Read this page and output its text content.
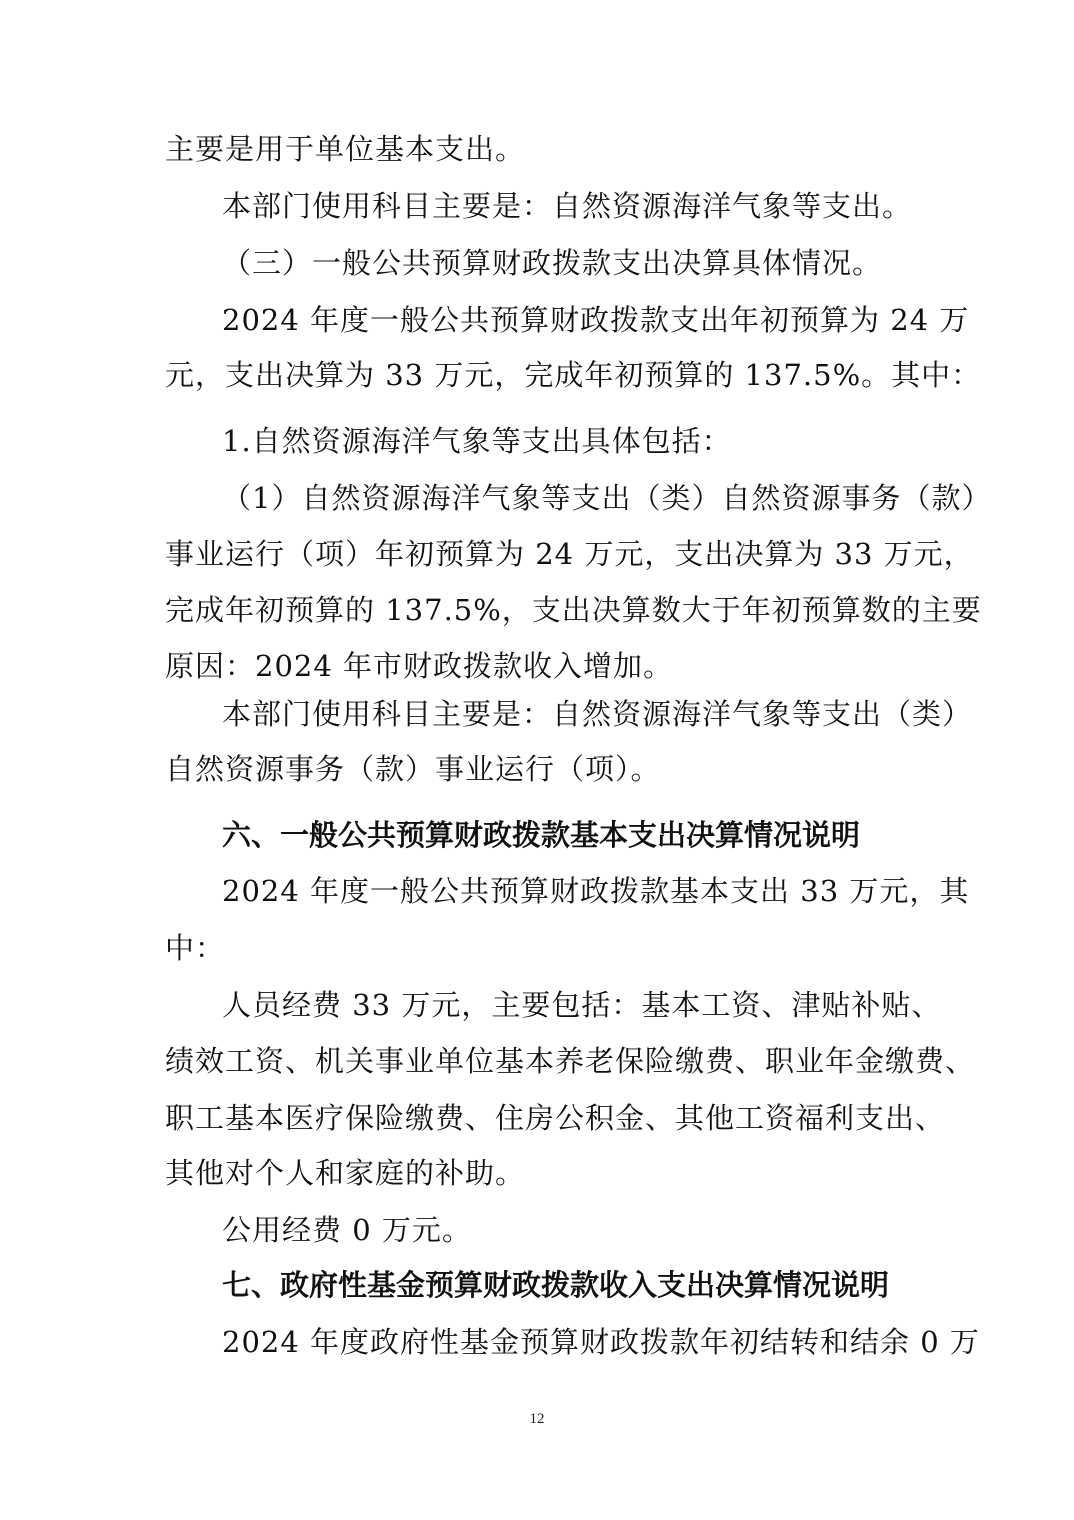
主要是用于单位基本支出。
本部门使用科目主要是：自然资源海洋气象等支出。
（三）一般公共预算财政拨款支出决算具体情况。
2024 年度一般公共预算财政拨款支出年初预算为 24 万
元，支出决算为 33 万元，完成年初预算的 137.5%。其中：
1.自然资源海洋气象等支出具体包括：
（1）自然资源海洋气象等支出（类）自然资源事务（款）
事业运行（项）年初预算为 24 万元，支出决算为 33 万元，
完成年初预算的 137.5%，支出决算数大于年初预算数的主要
原因：2024 年市财政拨款收入增加。
本部门使用科目主要是：自然资源海洋气象等支出（类）
自然资源事务（款）事业运行（项）。
六、一般公共预算财政拨款基本支出决算情况说明
2024 年度一般公共预算财政拨款基本支出 33 万元，其
中：
人员经费 33 万元，主要包括：基本工资、津贴补贴、
绩效工资、机关事业单位基本养老保险缴费、职业年金缴费、
职工基本医疗保险缴费、住房公积金、其他工资福利支出、
其他对个人和家庭的补助。
公用经费 0 万元。
七、政府性基金预算财政拨款收入支出决算情况说明
2024 年度政府性基金预算财政拨款年初结转和结余 0 万
12
